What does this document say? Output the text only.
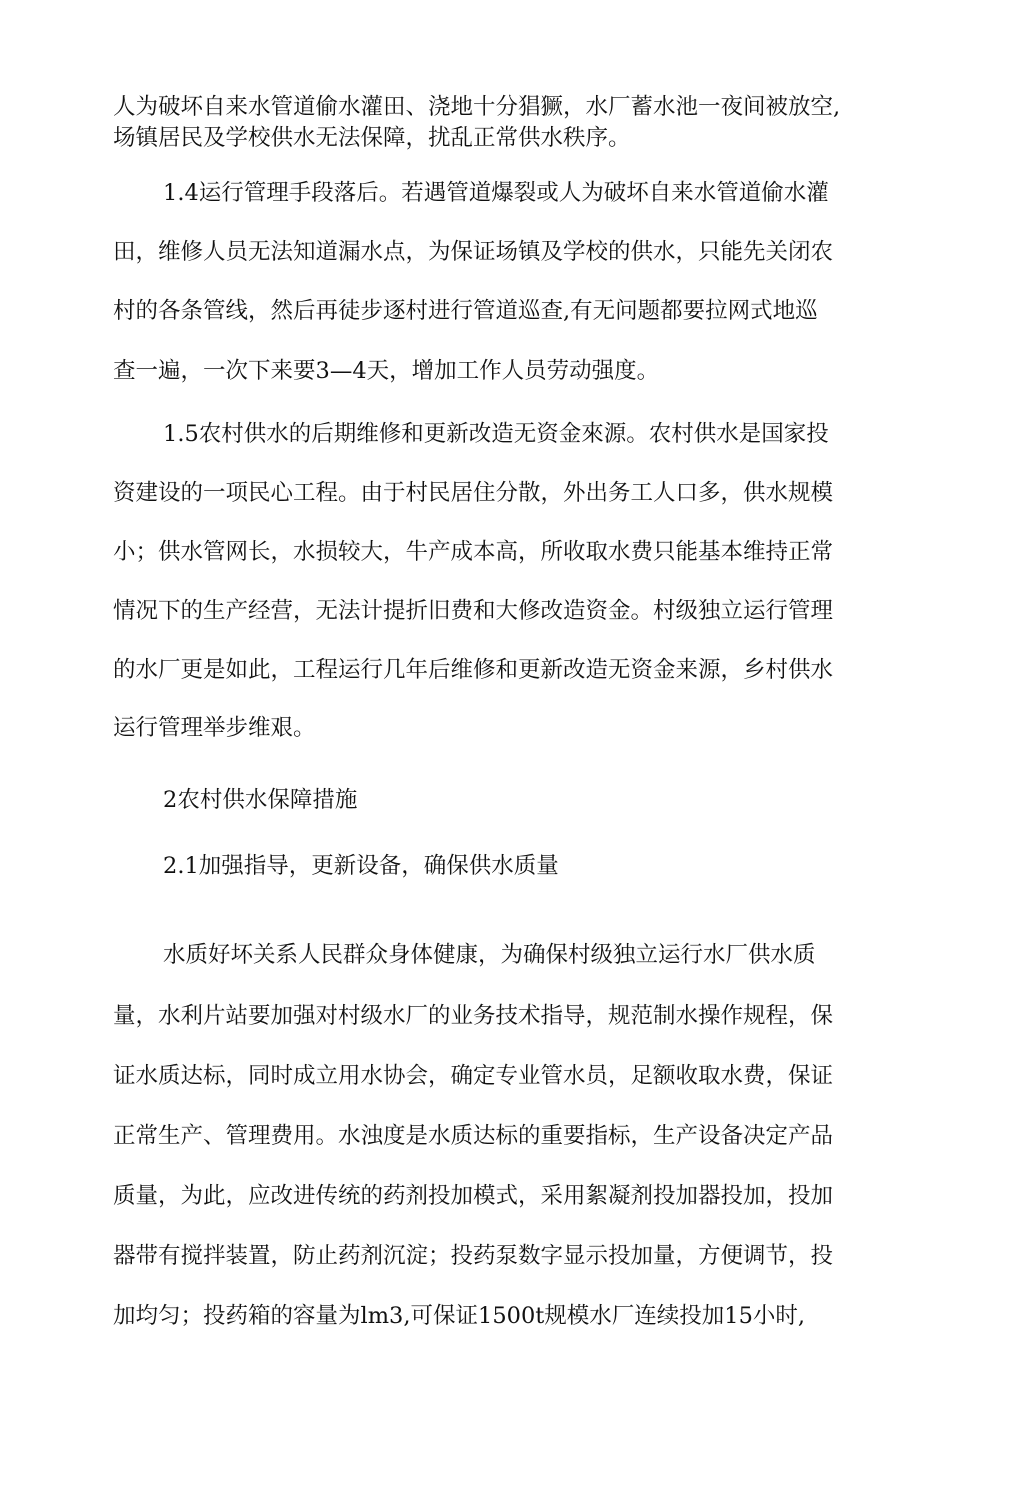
人为破坏自来水管道偷水灌田、浇地十分猖獗，水厂蓄水池一夜间被放空,
场镇居民及学校供水无法保障，扰乱正常供水秩序。
1.4运行管理手段落后。若遇管道爆裂或人为破坏自来水管道偷水灌
田，维修人员无法知道漏水点，为保证场镇及学校的供水，只能先关闭农
村的各条管线，然后再徒步逐村进行管道巡查,有无问题都要拉网式地巡
查一遍，一次下来要3—4天，增加工作人员劳动强度。
1.5农村供水的后期维修和更新改造无资金來源。农村供水是国家投
资建设的一项民心工程。由于村民居住分散，外出务工人口多，供水规模
小；供水管网长，水损较大，牛产成本高，所收取水费只能基本维持正常
情况下的生产经营，无法计提折旧费和大修改造资金。村级独立运行管理
的水厂更是如此，工程运行几年后维修和更新改造无资金来源，乡村供水
运行管理举步维艰。
2农村供水保障措施
2.1加强指导，更新设备，确保供水质量
水质好坏关系人民群众身体健康，为确保村级独立运行水厂供水质
量，水利片站要加强对村级水厂的业务技术指导，规范制水操作规程，保
证水质达标，同时成立用水协会，确定专业管水员，足额收取水费，保证
正常生产、管理费用。水浊度是水质达标的重要指标，生产设备决定产品
质量，为此，应改进传统的药剂投加模式，采用絮凝剂投加器投加，投加
器带有搅拌装置，防止药剂沉淀；投药泵数字显示投加量，方便调节，投
加均匀；投药箱的容量为lm3,可保证1500t规模水厂连续投加15小时,
